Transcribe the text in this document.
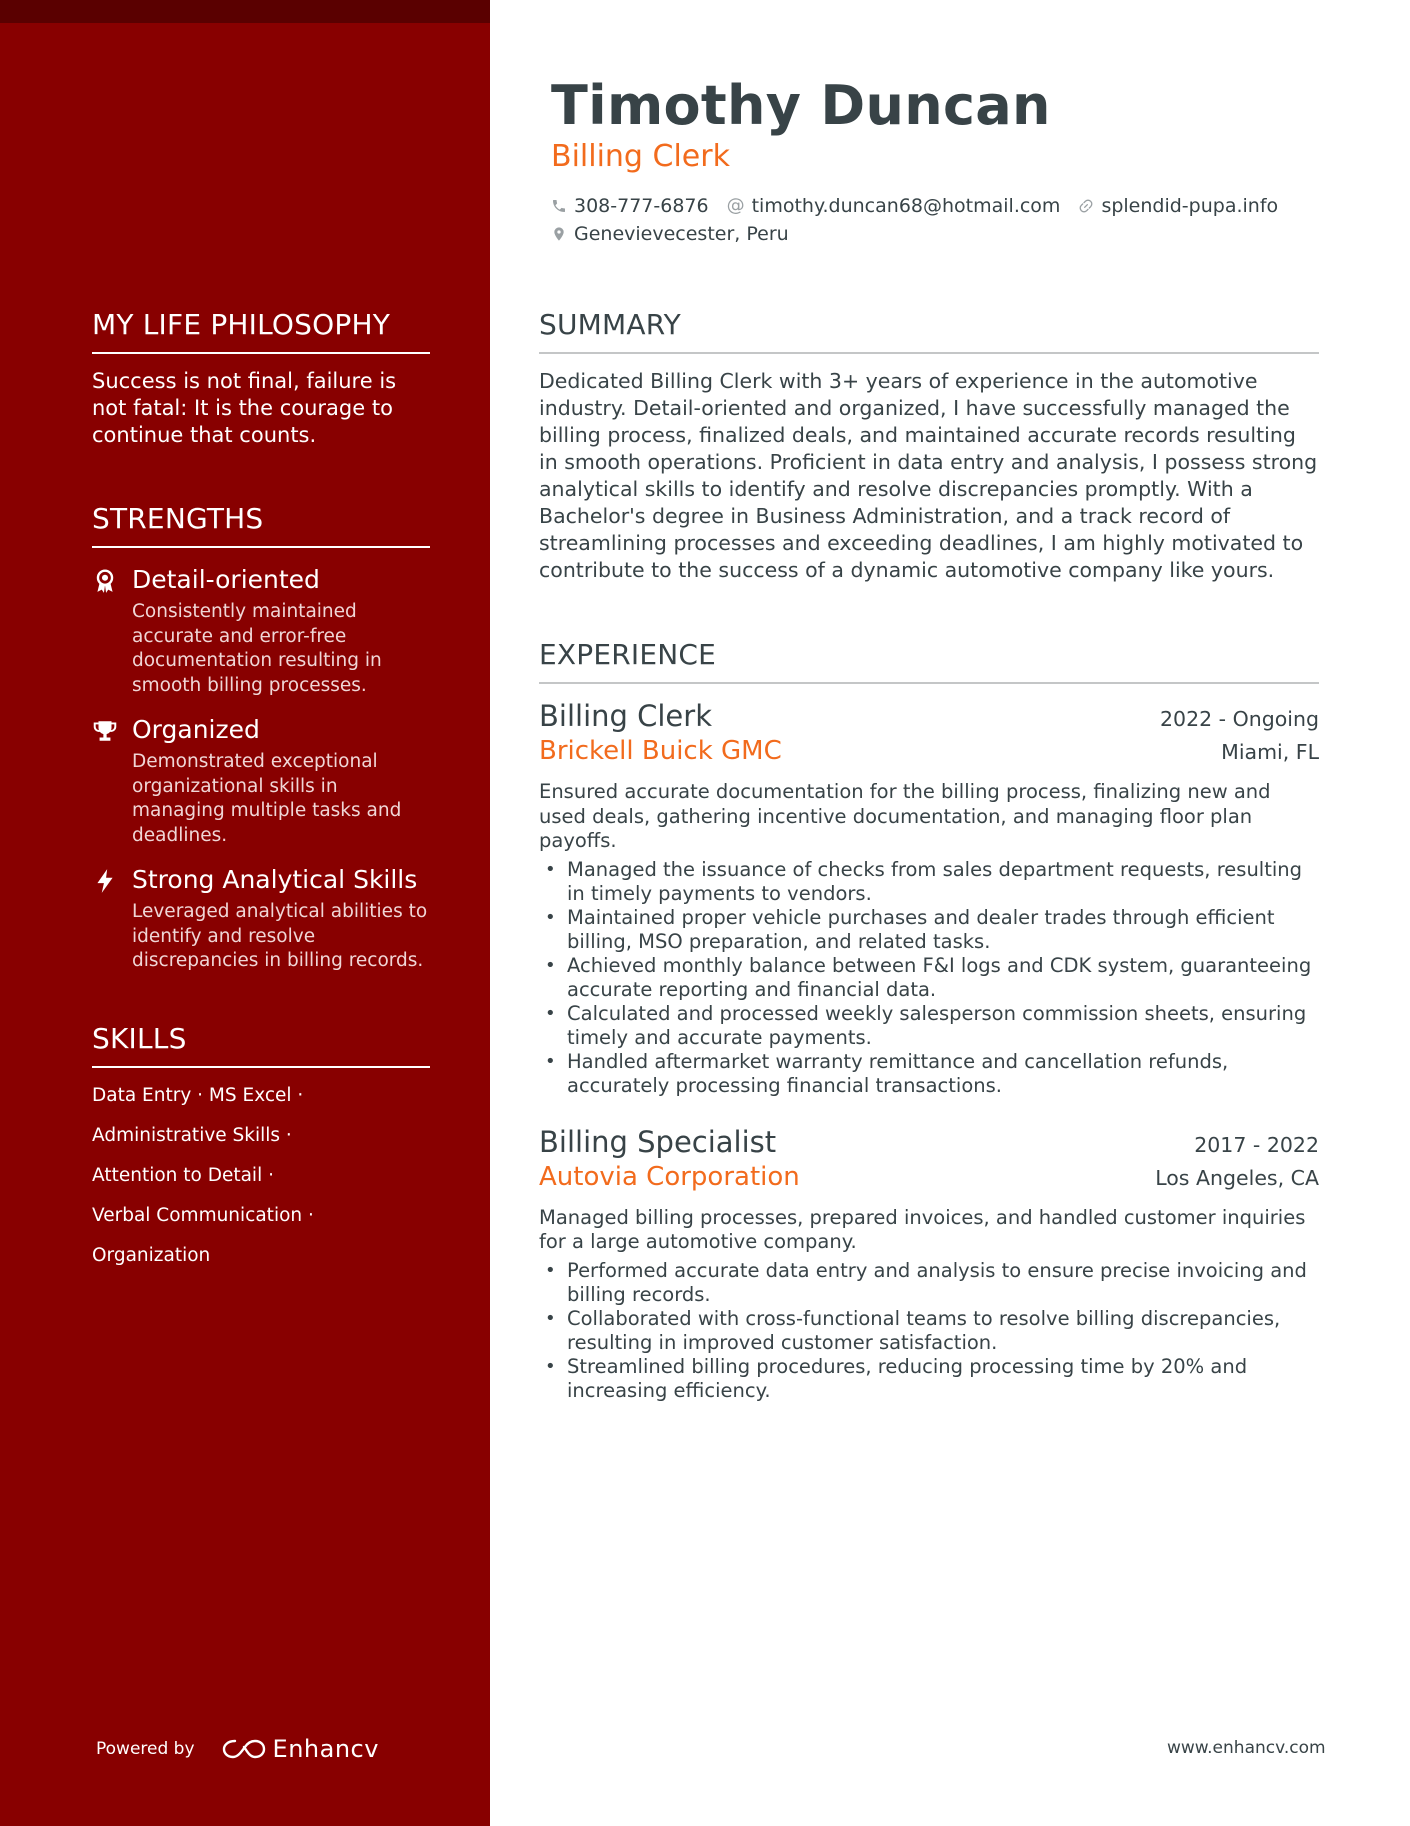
MY LIFE PHILOSOPHY
Success is not final, failure is not fatal: It is the courage to continue that counts.
STRENGTHS
Detail-oriented
Consistently maintained accurate and error-free documentation resulting in smooth billing processes.
Organized
Demonstrated exceptional organizational skills in managing multiple tasks and deadlines.
Strong Analytical Skills
Leveraged analytical abilities to identify and resolve discrepancies in billing records.
SKILLS
Data Entry · MS Excel ·
Administrative Skills ·
Attention to Detail ·
Verbal Communication ·
Organization
Powered by	Enhancv
Timothy Duncan
Billing Clerk
308-777-6876 @ timothy.duncan68@hotmail.com splendid-pupa.info
Genevievecester, Peru
SUMMARY
Dedicated Billing Clerk with 3+ years of experience in the automotive industry. Detail-oriented and organized, I have successfully managed the billing process, finalized deals, and maintained accurate records resulting in smooth operations. Proficient in data entry and analysis, I possess strong analytical skills to identify and resolve discrepancies promptly. With a Bachelor's degree in Business Administration, and a track record of streamlining processes and exceeding deadlines, I am highly motivated to contribute to the success of a dynamic automotive company like yours.
EXPERIENCE
Billing Clerk	2022 - Ongoing
Brickell Buick GMC	Miami, FL
Ensured accurate documentation for the billing process, finalizing new and used deals, gathering incentive documentation, and managing floor plan payoffs.
• Managed the issuance of checks from sales department requests, resulting in timely payments to vendors.
• Maintained proper vehicle purchases and dealer trades through efficient billing, MSO preparation, and related tasks.
• Achieved monthly balance between F&I logs and CDK system, guaranteeing accurate reporting and financial data.
• Calculated and processed weekly salesperson commission sheets, ensuring timely and accurate payments.
• Handled aftermarket warranty remittance and cancellation refunds, accurately processing financial transactions.
Billing Specialist	2017 - 2022
Autovia Corporation	Los Angeles, CA
Managed billing processes, prepared invoices, and handled customer inquiries for a large automotive company.
• Performed accurate data entry and analysis to ensure precise invoicing and billing records.
• Collaborated with cross-functional teams to resolve billing discrepancies, resulting in improved customer satisfaction.
• Streamlined billing procedures, reducing processing time by 20% and increasing efficiency.
www.enhancv.com
